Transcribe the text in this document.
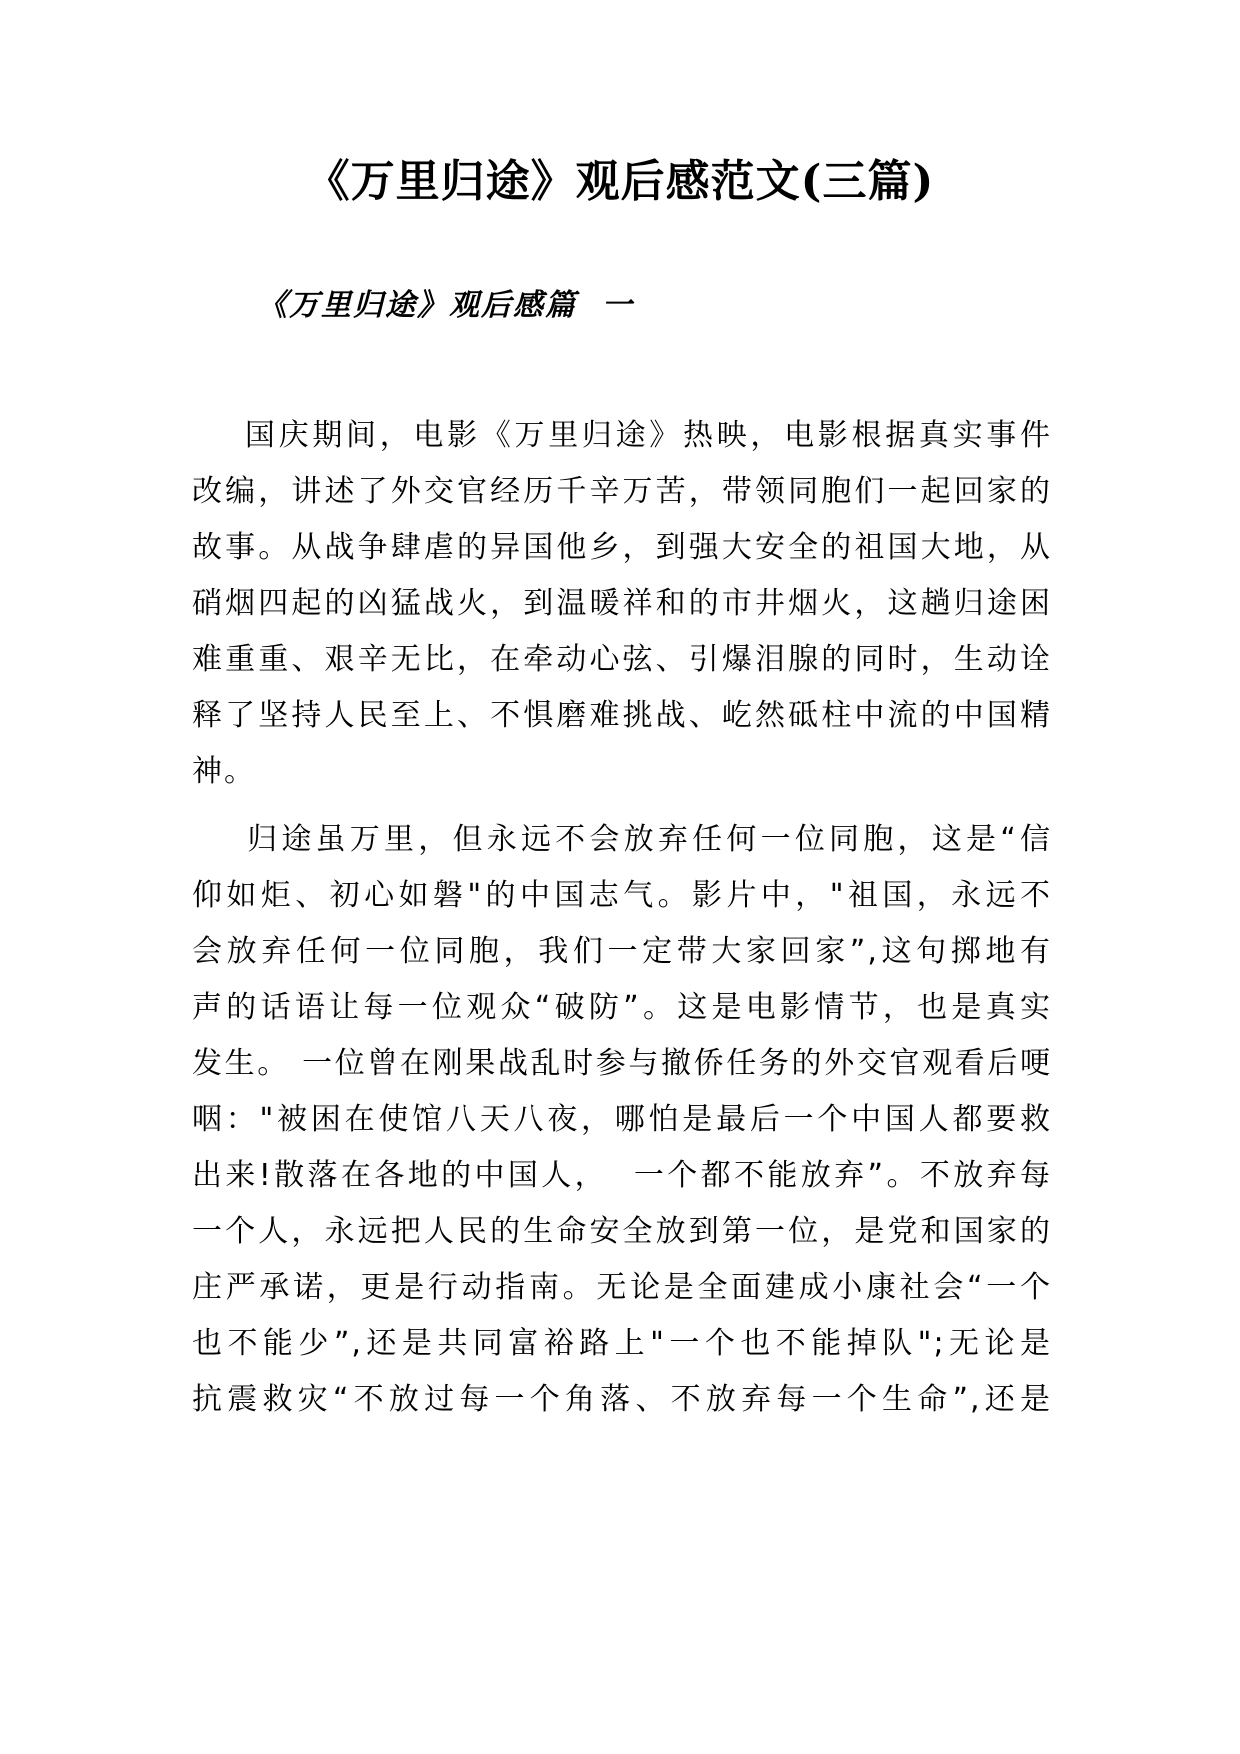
《万里归途》观后感范文(三篇)
《万里归途》观后感篇  一
国庆期间，电影《万里归途》热映，电影根据真实事件
改编，讲述了外交官经历千辛万苦，带领同胞们一起回家的
故事。从战争肆虐的异国他乡，到强大安全的祖国大地，从
硝烟四起的凶猛战火，到温暖祥和的市井烟火，这趟归途困
难重重、艰辛无比，在牵动心弦、引爆泪腺的同时，生动诠
释了坚持人民至上、不惧磨难挑战、屹然砥柱中流的中国精
神。
归途虽万里，但永远不会放弃任何一位同胞，这是“信
仰如炬、初心如磐"的中国志气。影片中，"祖国，永远不
会放弃任何一位同胞，我们一定带大家回家”,这句掷地有
声的话语让每一位观众“破防”。这是电影情节，也是真实
发生。 一位曾在刚果战乱时参与撤侨任务的外交官观看后哽
咽："被困在使馆八天八夜，哪怕是最后一个中国人都要救
出来!散落在各地的中国人，  一个都不能放弃”。不放弃每
一个人，永远把人民的生命安全放到第一位，是党和国家的
庄严承诺，更是行动指南。无论是全面建成小康社会“一个
也不能少”,还是共同富裕路上"一个也不能掉队";无论是
抗震救灾“不放过每一个角落、不放弃每一个生命”,还是
